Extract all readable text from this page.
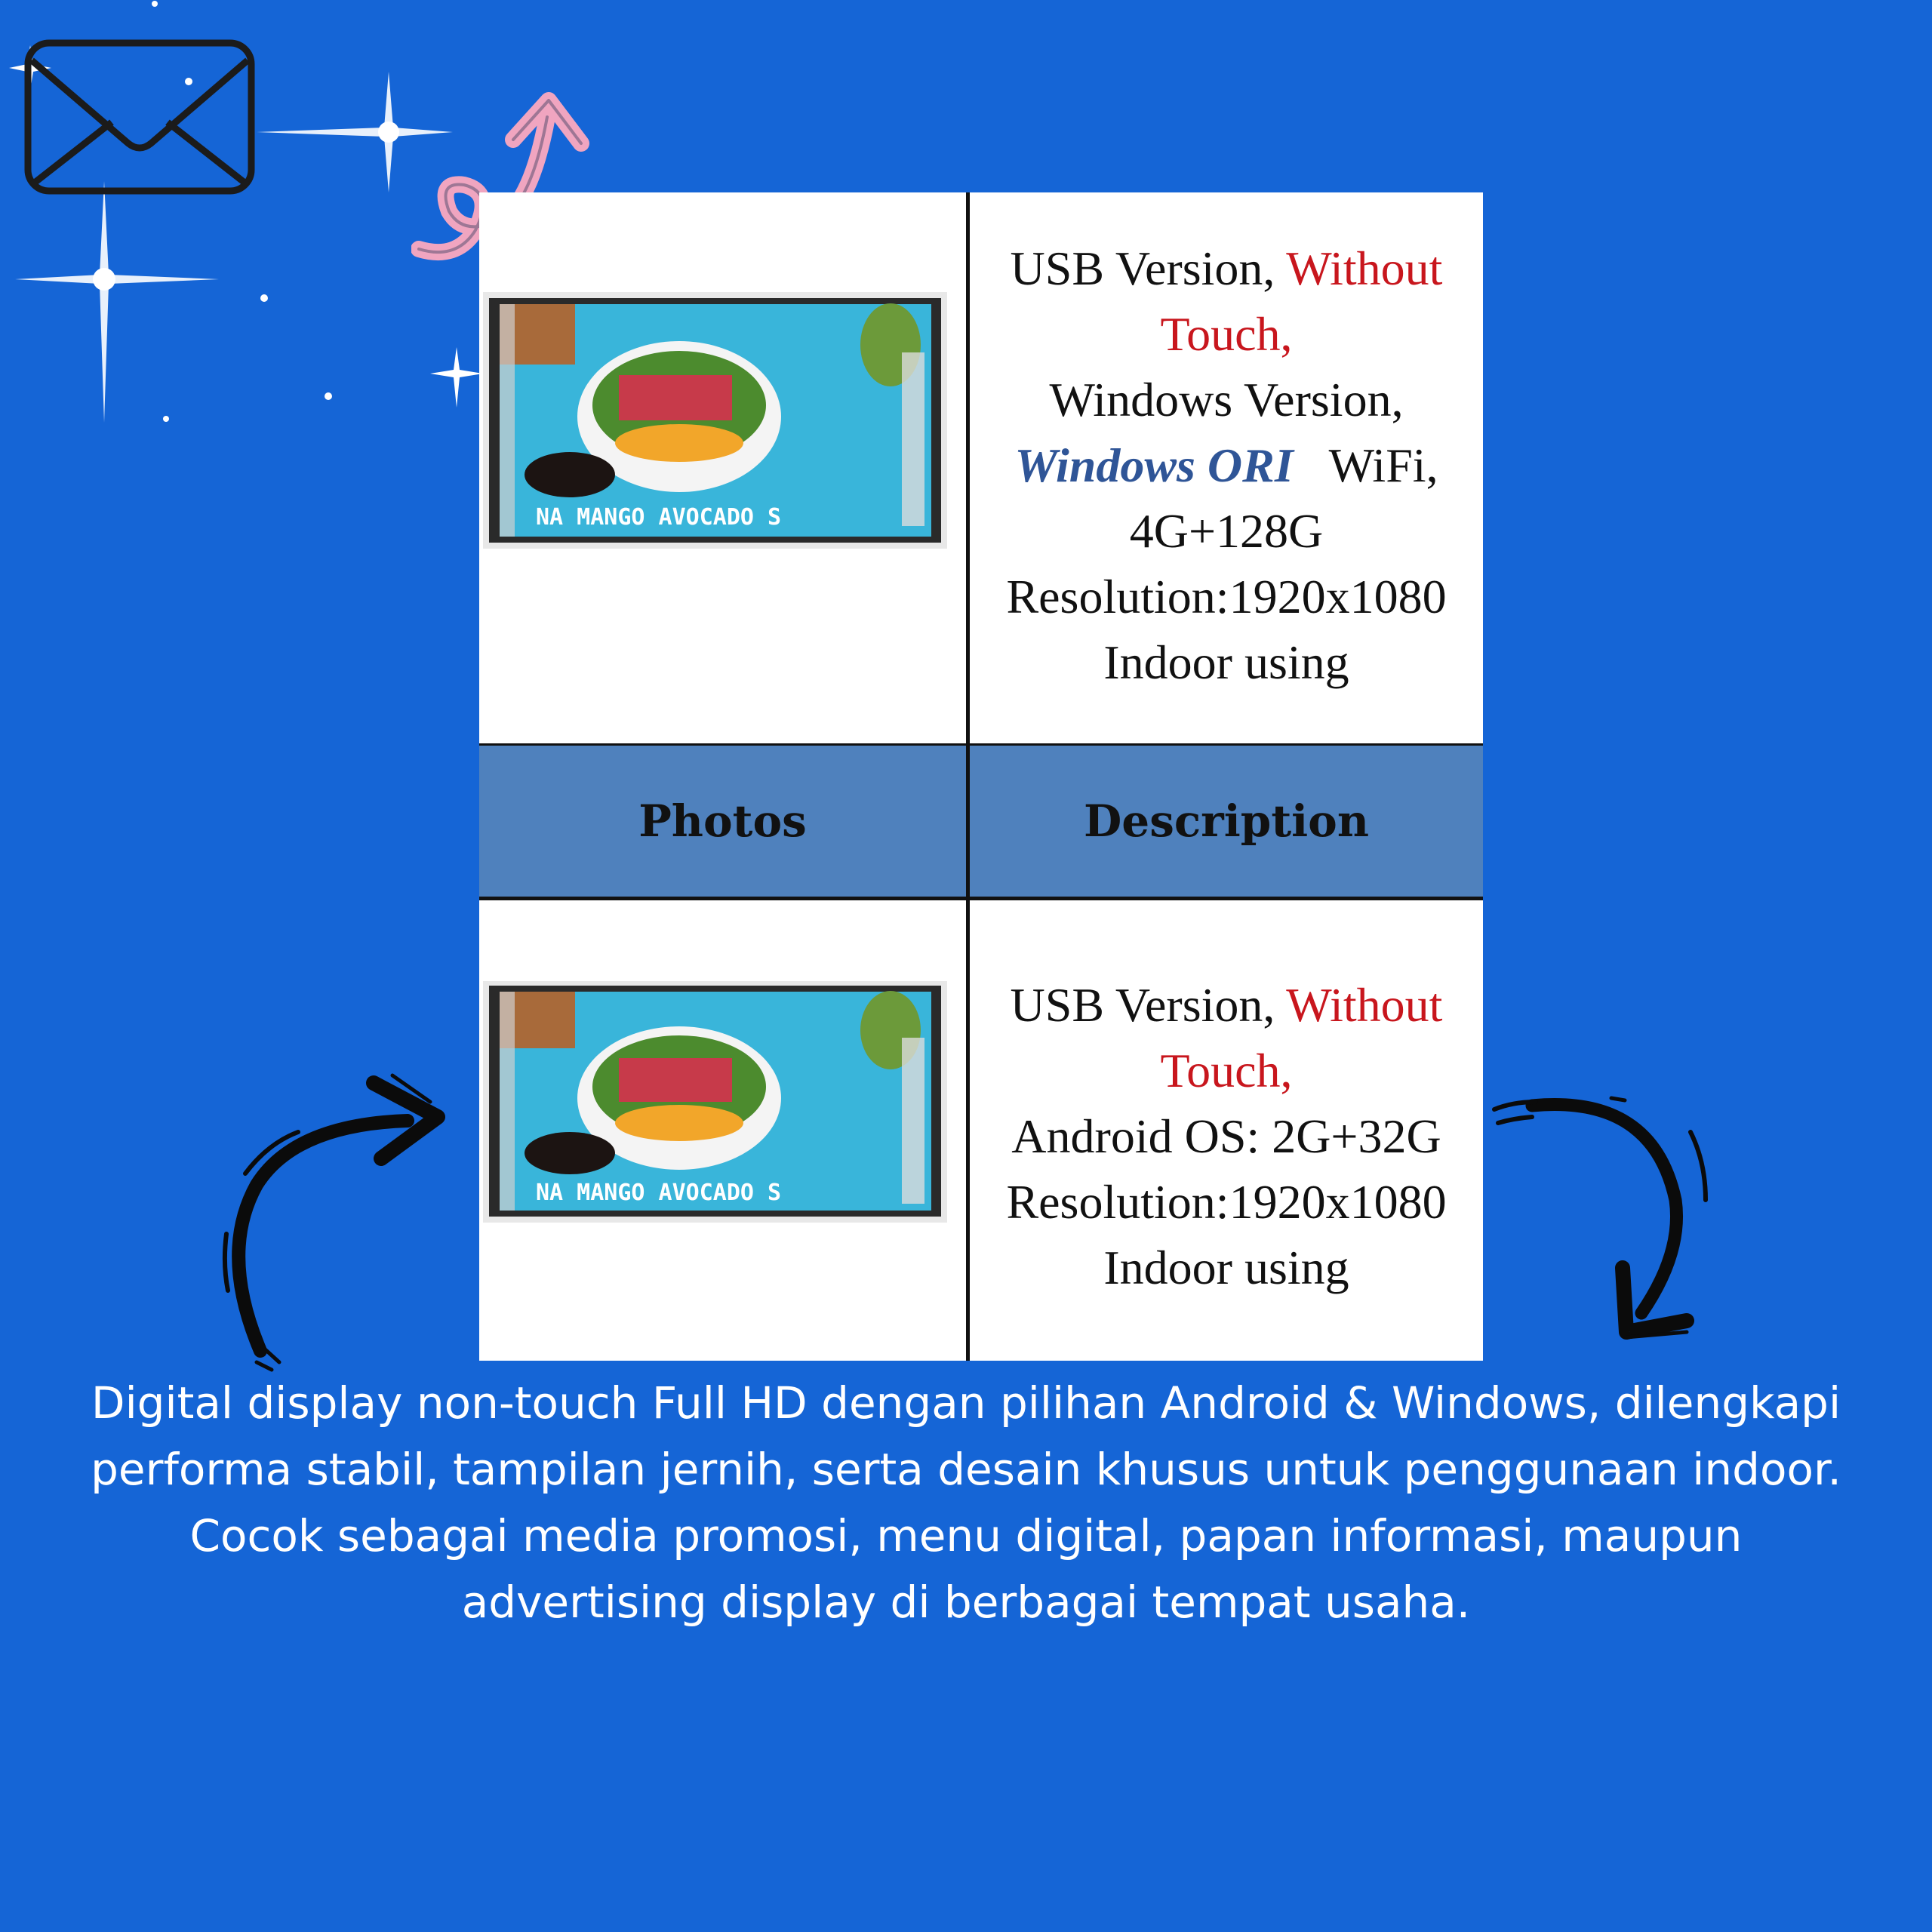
NA MANGO AVOCADO S
USB Version, Without
Touch,
Windows Version,
Windows ORI WiFi,
4G+128G
Resolution:1920x1080
Indoor using
Photos	Description
NA MANGO AVOCADO S
USB Version, Without
Touch,
Android OS: 2G+32G
Resolution:1920x1080
Indoor using
Digital display non-touch Full HD dengan pilihan Android & Windows, dilengkapi performa stabil, tampilan jernih, serta desain khusus untuk penggunaan indoor. Cocok sebagai media promosi, menu digital, papan informasi, maupun advertising display di berbagai tempat usaha.
